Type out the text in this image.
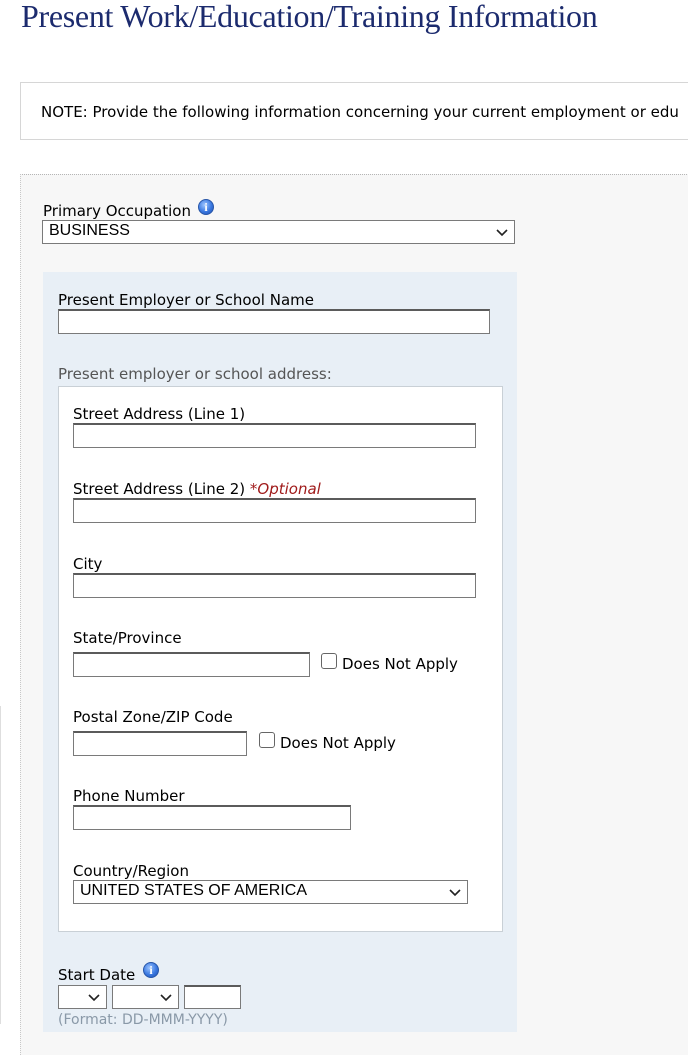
Present Work/Education/Training Information
NOTE: Provide the following information concerning your current employment or edu
Primary Occupation	i
BUSINESS
Present Employer or School Name
Present employer or school address:
Street Address (Line 1)
Street Address (Line 2) *Optional
City
State/Province
Does Not Apply
Postal Zone/ZIP Code
Does Not Apply
Phone Number
Country/Region
UNITED STATES OF AMERICA
Start Date	i
(Format: DD-MMM-YYYY)
